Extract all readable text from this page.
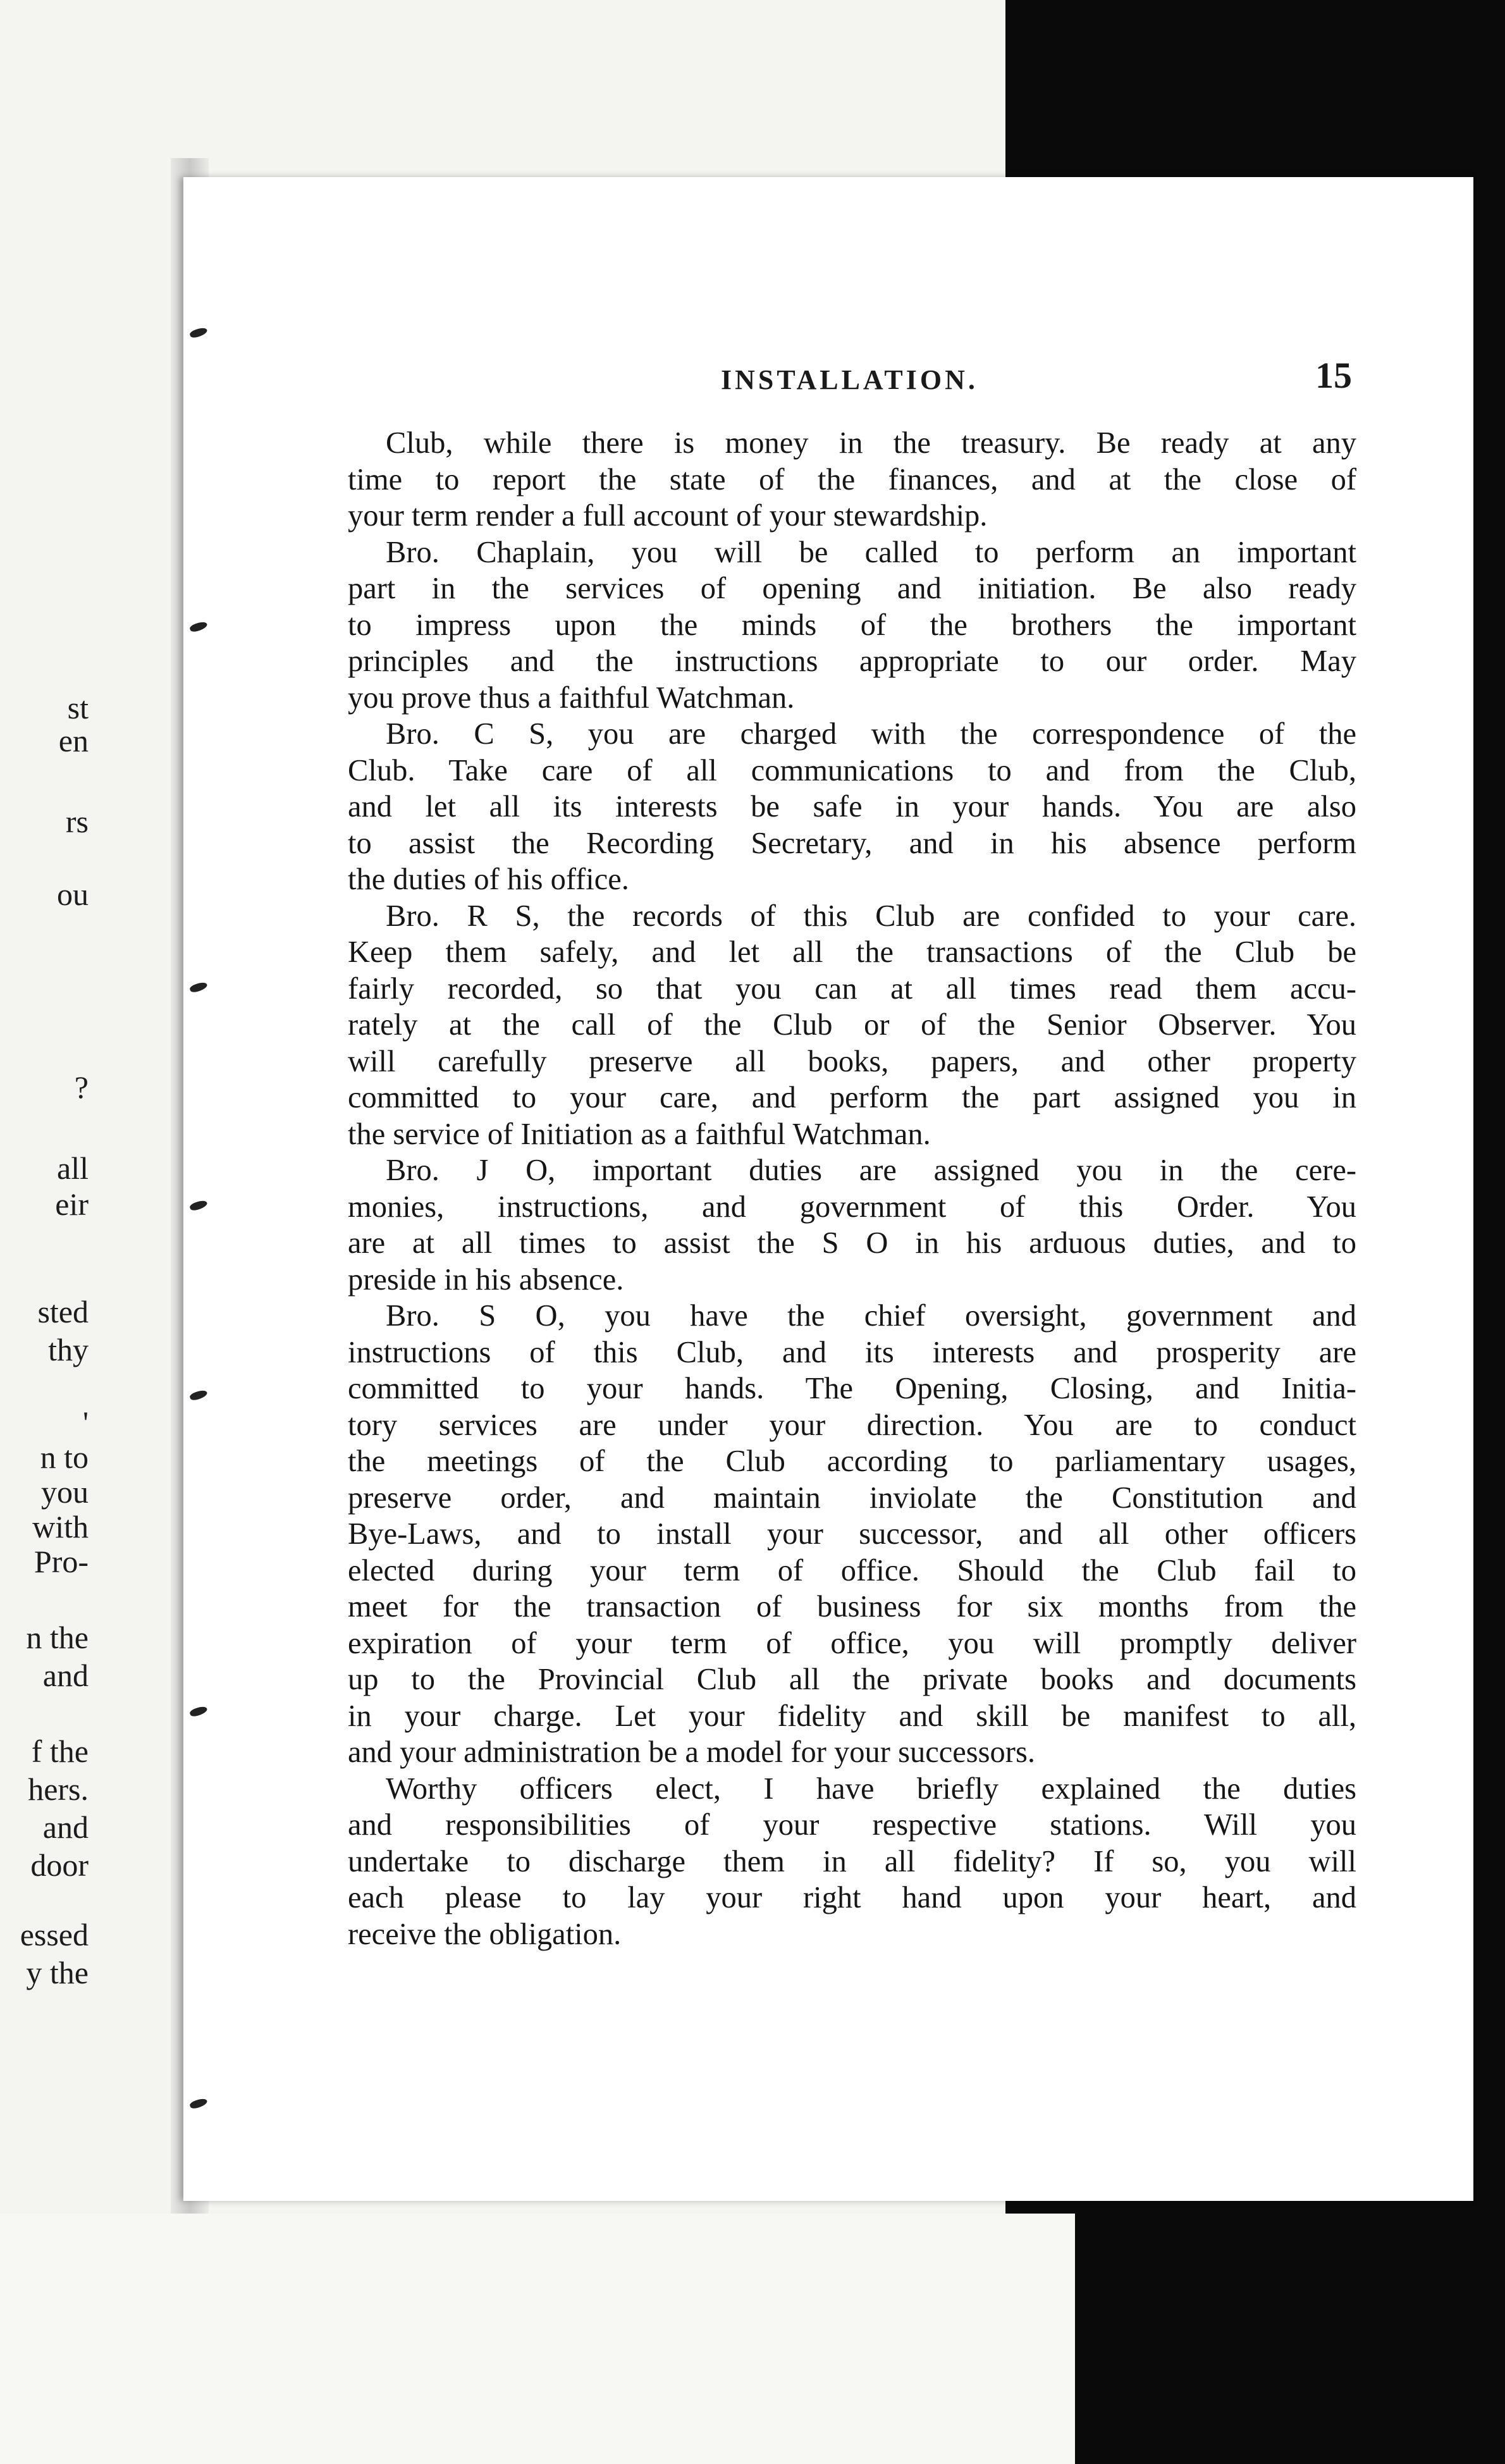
st
en
rs
ou
?
all
eir
sted
thy
'
n to
you
with
Pro-
n the
and
f the
hers.
and
door
essed
y the
INSTALLATION.	15
Club, while there is money in the treasury. Be ready at any
time to report the state of the finances, and at the close of
your term render a full account of your stewardship.
Bro. Chaplain, you will be called to perform an important
part in the services of opening and initiation. Be also ready
to impress upon the minds of the brothers the important
principles and the instructions appropriate to our order. May
you prove thus a faithful Watchman.
Bro. C S, you are charged with the correspondence of the
Club. Take care of all communications to and from the Club,
and let all its interests be safe in your hands. You are also
to assist the Recording Secretary, and in his absence perform
the duties of his office.
Bro. R S, the records of this Club are confided to your care.
Keep them safely, and let all the transactions of the Club be
fairly recorded, so that you can at all times read them accu-
rately at the call of the Club or of the Senior Observer. You
will carefully preserve all books, papers, and other property
committed to your care, and perform the part assigned you in
the service of Initiation as a faithful Watchman.
Bro. J O, important duties are assigned you in the cere-
monies, instructions, and government of this Order. You
are at all times to assist the S O in his arduous duties, and to
preside in his absence.
Bro. S O, you have the chief oversight, government and
instructions of this Club, and its interests and prosperity are
committed to your hands. The Opening, Closing, and Initia-
tory services are under your direction. You are to conduct
the meetings of the Club according to parliamentary usages,
preserve order, and maintain inviolate the Constitution and
Bye-Laws, and to install your successor, and all other officers
elected during your term of office. Should the Club fail to
meet for the transaction of business for six months from the
expiration of your term of office, you will promptly deliver
up to the Provincial Club all the private books and documents
in your charge. Let your fidelity and skill be manifest to all,
and your administration be a model for your successors.
Worthy officers elect, I have briefly explained the duties
and responsibilities of your respective stations. Will you
undertake to discharge them in all fidelity? If so, you will
each please to lay your right hand upon your heart, and
receive the obligation.
